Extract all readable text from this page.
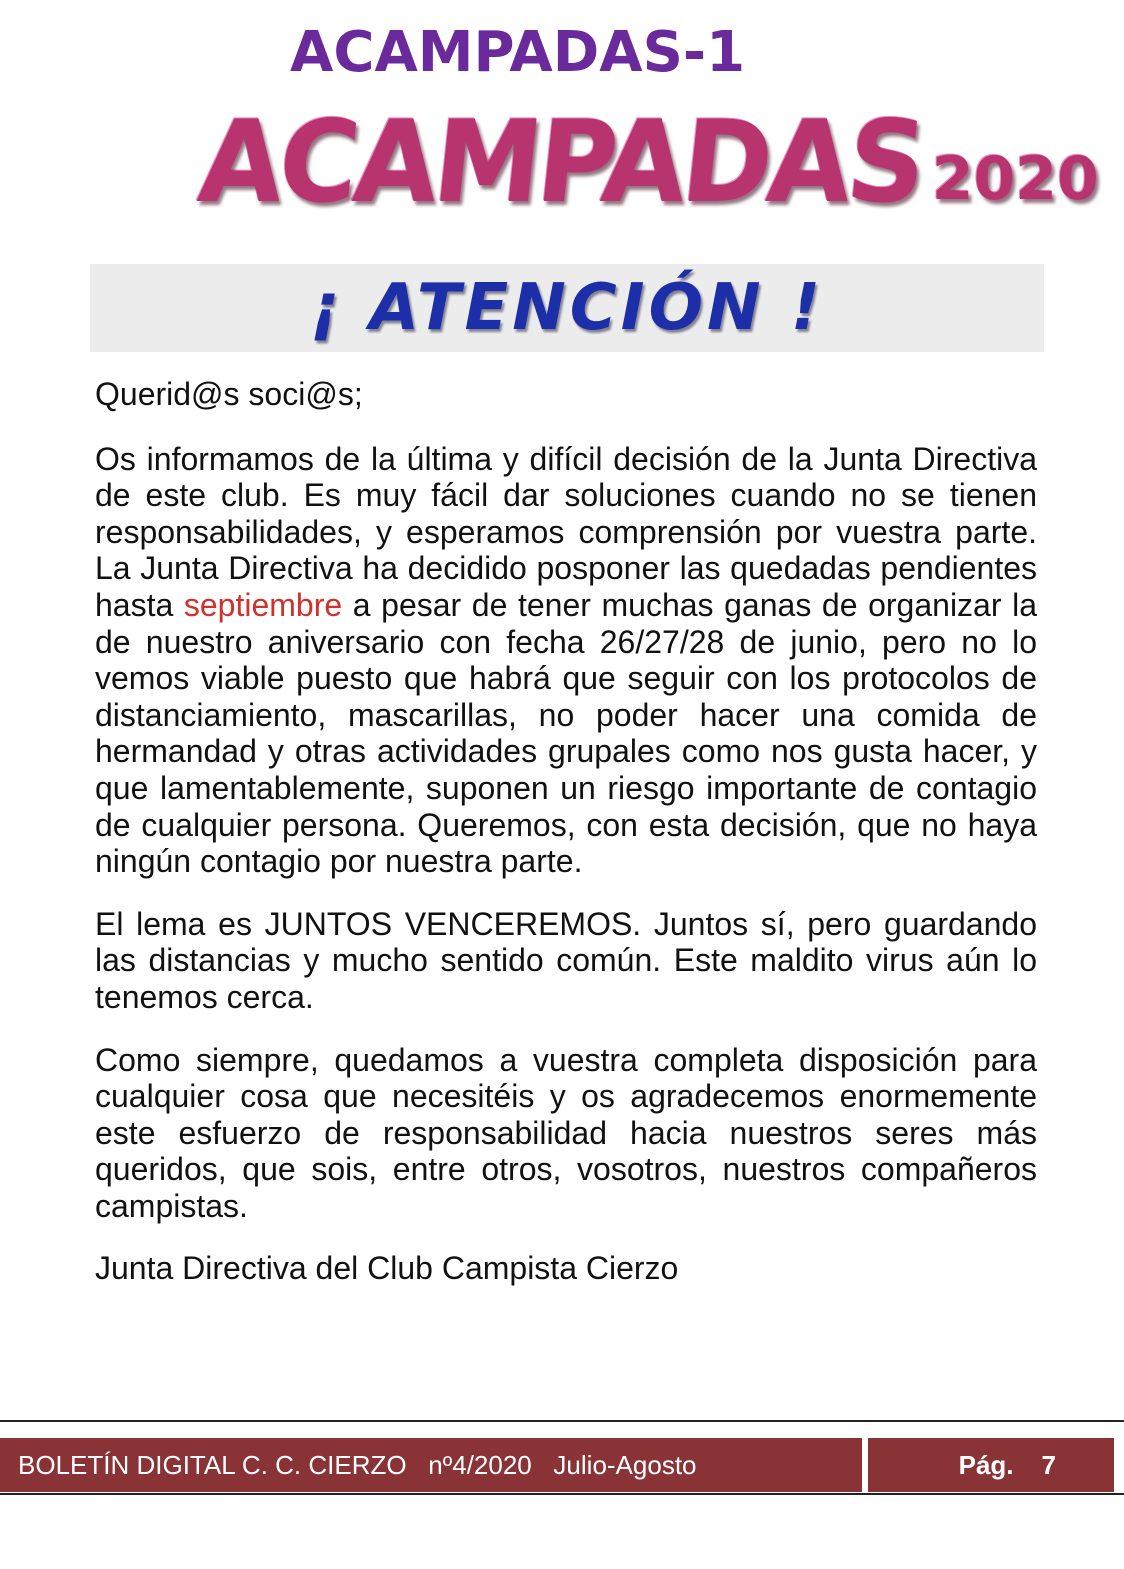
ACAMPADAS-1
ACAMPADAS2020
¡ ATENCIÓN !

Querid@s soci@s;

Os informamos de la última y difícil decisión de la Junta Directiva de este club. Es muy fácil dar soluciones cuando no se tienen responsabilidades, y esperamos comprensión por vuestra parte. La Junta Directiva ha decidido posponer las quedadas pendientes hasta septiembre a pesar de tener muchas ganas de organizar la de nuestro aniversario con fecha 26/27/28 de junio, pero no lo vemos viable puesto que habrá que seguir con los protocolos de distanciamiento, mascarillas, no poder hacer una comida de hermandad y otras actividades grupales como nos gusta hacer, y que lamentablemente, suponen un riesgo importante de contagio de cualquier persona. Queremos, con esta decisión, que no haya ningún contagio por nuestra parte.

El lema es JUNTOS VENCEREMOS. Juntos sí, pero guardando las distancias y mucho sentido común. Este maldito virus aún lo tenemos cerca.

Como siempre, quedamos a vuestra completa disposición para cualquier cosa que necesitéis y os agradecemos enormemente este esfuerzo de responsabilidad hacia nuestros seres más queridos, que sois, entre otros, vosotros, nuestros compañeros campistas.

Junta Directiva del Club Campista Cierzo

BOLETÍN DIGITAL C. C. CIERZO   nº4/2020   Julio-Agosto	Pág. 7
